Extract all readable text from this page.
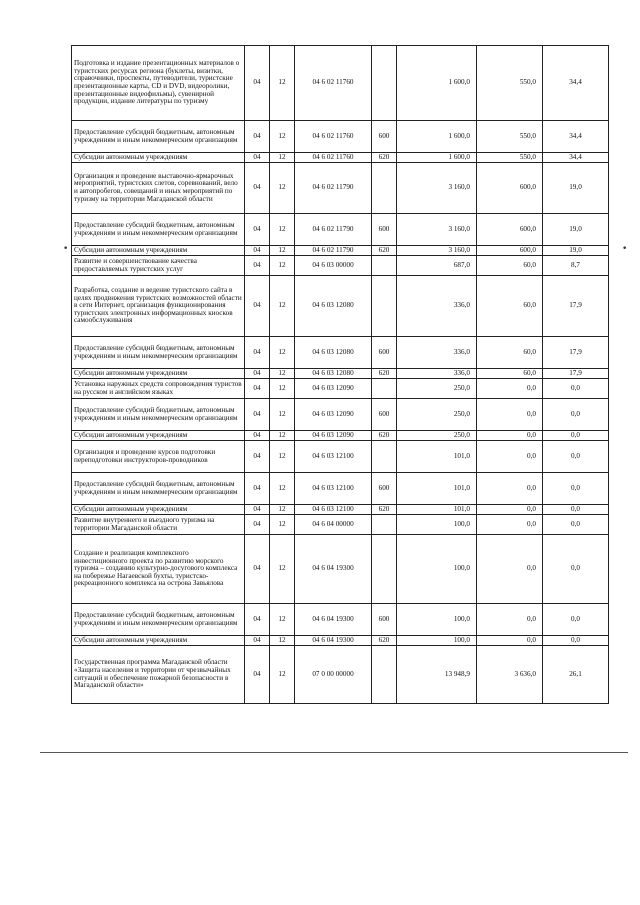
•	•
Подготовка и издание презентационных материалов о туристских ресурсах региона (буклеты, визитки, справочники, проспекты, путеводители, туристские презентационные карты, CD и DVD, видеоролики, презентационные видеофильмы), сувенирной продукции, издание литературы по туризму	04	12	04 6 02 11760		1 600,0	550,0	34,4
Предоставление субсидий бюджетным, автономным учреждениям и иным некоммерческим организациям	04	12	04 6 02 11760	600	1 600,0	550,0	34,4
Субсидии автономным учреждениям	04	12	04 6 02 11760	620	1 600,0	550,0	34,4
Организация и проведение выставочно-ярмарочных мероприятий, туристских слетов, соревнований, вело и автопробегов, совещаний и иных мероприятий по туризму на территории Магаданской области	04	12	04 6 02 11790		3 160,0	600,0	19,0
Предоставление субсидий бюджетным, автономным учреждениям и иным некоммерческим организациям	04	12	04 6 02 11790	600	3 160,0	600,0	19,0
Субсидии автономным учреждениям	04	12	04 6 02 11790	620	3 160,0	600,0	19,0
Развитие и совершенствование качества предоставляемых туристских услуг	04	12	04 6 03 00000		687,0	60,0	8,7
Разработка, создание и ведение туристского сайта в целях продвижения туристских возможностей области в сети Интернет, организация функционирования туристских электронных информационных киосков самообслуживания	04	12	04 6 03 12080		336,0	60,0	17,9
Предоставление субсидий бюджетным, автономным учреждениям и иным некоммерческим организациям	04	12	04 6 03 12080	600	336,0	60,0	17,9
Субсидии автономным учреждениям	04	12	04 6 03 12080	620	336,0	60,0	17,9
Установка наружных средств сопровождения туристов на русском и английском языках	04	12	04 6 03 12090		250,0	0,0	0,0
Предоставление субсидий бюджетным, автономным учреждениям и иным некоммерческим организациям	04	12	04 6 03 12090	600	250,0	0,0	0,0
Субсидии автономным учреждениям	04	12	04 6 03 12090	620	250,0	0,0	0,0
Организация и проведение курсов подготовки переподготовки инструкторов-проводников	04	12	04 6 03 12100		101,0	0,0	0,0
Предоставление субсидий бюджетным, автономным учреждениям и иным некоммерческим организациям	04	12	04 6 03 12100	600	101,0	0,0	0,0
Субсидии автономным учреждениям	04	12	04 6 03 12100	620	101,0	0,0	0,0
Развитие внутреннего и въездного туризма на территории Магаданской области	04	12	04 6 04 00000		100,0	0,0	0,0
Создание и реализация комплексного инвестиционного проекта по развитию морского туризма – созданию культурно-досугового комплекса на побережье Нагаевской бухты, туристско-рекреационного комплекса на острова Завьялова	04	12	04 6 04 19300		100,0	0,0	0,0
Предоставление субсидий бюджетным, автономным учреждениям и иным некоммерческим организациям	04	12	04 6 04 19300	600	100,0	0,0	0,0
Субсидии автономным учреждениям	04	12	04 6 04 19300	620	100,0	0,0	0,0
Государственная программа Магаданской области «Защита населения и территории от чрезвычайных ситуаций и обеспечение пожарной безопасности в Магаданской области»	04	12	07 0 00 00000		13 948,9	3 636,0	26,1
